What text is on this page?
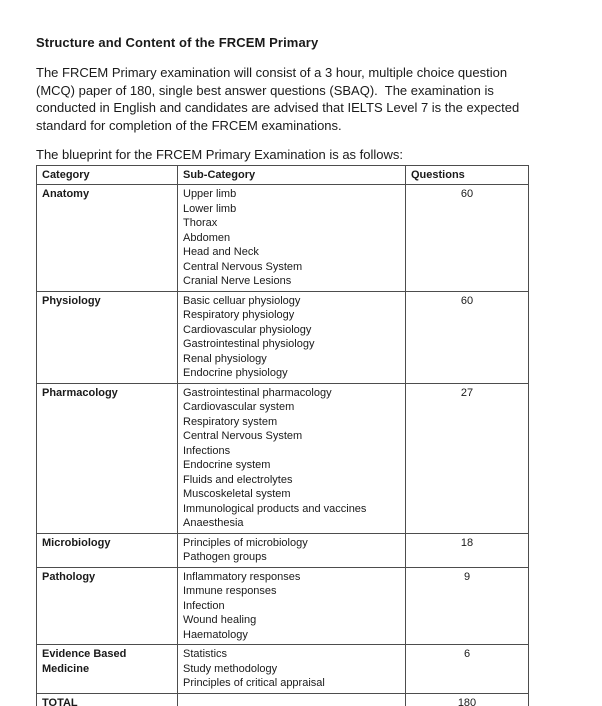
Structure and Content of the FRCEM Primary
The FRCEM Primary examination will consist of a 3 hour, multiple choice question
(MCQ) paper of 180, single best answer questions (SBAQ).  The examination is
conducted in English and candidates are advised that IELTS Level 7 is the expected
standard for completion of the FRCEM examinations.
The blueprint for the FRCEM Primary Examination is as follows:
Category	Sub-Category	Questions
Anatomy	Upper limb
Lower limb
Thorax
Abdomen
Head and Neck
Central Nervous System
Cranial Nerve Lesions
	60
Physiology	Basic celluar physiology
Respiratory physiology
Cardiovascular physiology
Gastrointestinal physiology
Renal physiology
Endocrine physiology
	60
Pharmacology	Gastrointestinal pharmacology
Cardiovascular system
Respiratory system
Central Nervous System
Infections
Endocrine system
Fluids and electrolytes
Muscoskeletal system
Immunological products and vaccines
Anaesthesia
	27
Microbiology	Principles of microbiology
Pathogen groups	18
Pathology	Inflammatory responses
Immune responses
Infection
Wound healing
Haematology	9
Evidence Based Medicine	Statistics
Study methodology
Principles of critical appraisal	6
TOTAL		180
